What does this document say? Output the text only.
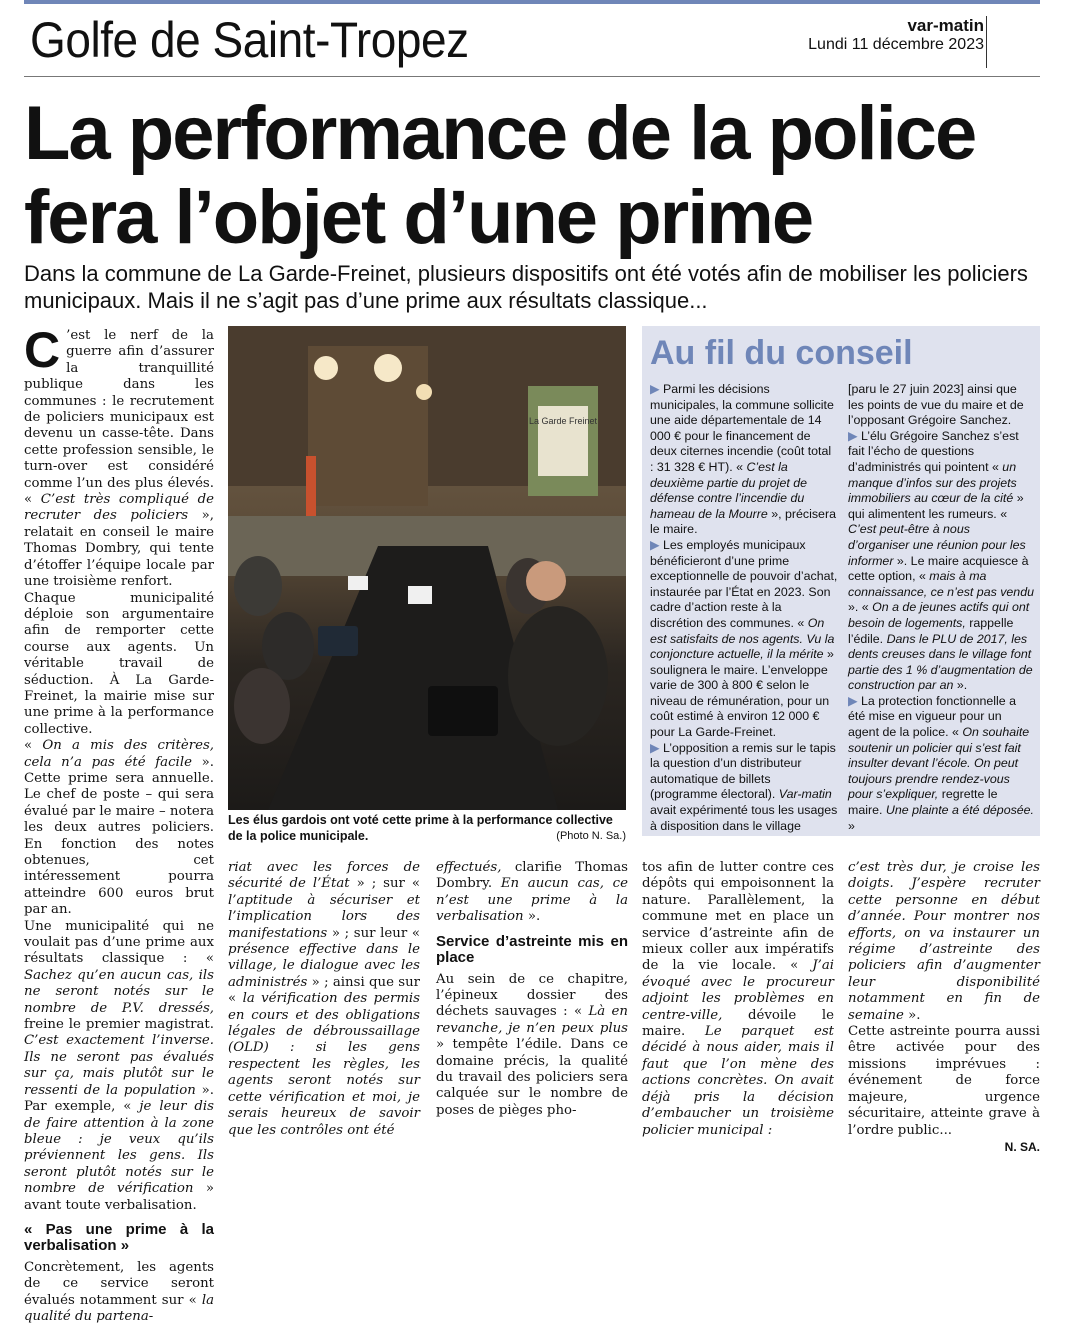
Golfe de Saint-Tropez	var-matin
Lundi 11 décembre 2023
La performance de la police
fera l’objet d’une prime
Dans la commune de La Garde-Freinet, plusieurs dispositifs ont été votés afin de mobiliser les policiers municipaux. Mais il ne s’agit pas d’une prime aux résultats classique...

C ’est le nerf de la guerre afin d’assurer la tranquillité publique dans les communes : le recrutement de policiers municipaux est devenu un casse-tête. Dans cette profession sensible, le turn-over est considéré comme l’un des plus élevés. « C’est très compliqué de recruter des policiers », relatait en conseil le maire Thomas Dombry, qui tente d’étoffer l’équipe locale par une troisième renfort.

Chaque municipalité déploie son argumentaire afin de remporter cette course aux agents. Un véritable travail de séduction. À La Garde-Freinet, la mairie mise sur une prime à la performance collective.

« On a mis des critères, cela n’a pas été facile ». Cette prime sera annuelle. Le chef de poste – qui sera évalué par le maire – notera les deux autres policiers. En fonction des notes obtenues, cet intéressement pourra atteindre 600 euros brut par an.

Une municipalité qui ne voulait pas d’une prime aux résultats classique : « Sachez qu’en aucun cas, ils ne seront notés sur le nombre de P.V. dressés, freine le premier magistrat. C’est exactement l’inverse. Ils ne seront pas évalués sur ça, mais plutôt sur le ressenti de la population ». Par exemple, « je leur dis de faire attention à la zone bleue : je veux qu’ils préviennent les gens. Ils seront plutôt notés sur le nombre de vérification » avant toute verbalisation.

« Pas une prime à la verbalisation »

Concrètement, les agents de ce service seront évalués notamment sur « la qualité du partena-

La Garde Freinet
Les élus gardois ont voté cette prime à la performance collective de la police municipale.	(Photo N. Sa.)
Au fil du conseil

▶ Parmi les décisions municipales, la commune sollicite une aide départementale de 14 000 € pour le financement de deux citernes incendie (coût total : 31 328 € HT). « C’est la deuxième partie du projet de défense contre l’incendie du hameau de la Mourre », précisera le maire.

▶ Les employés municipaux bénéficieront d’une prime exceptionnelle de pouvoir d’achat, instaurée par l’État en 2023. Son cadre d’action reste à la discrétion des communes. « On est satisfaits de nos agents. Vu la conjoncture actuelle, il la mérite » soulignera le maire. L’enveloppe varie de 300 à 800 € selon le niveau de rémunération, pour un coût estimé à environ 12 000 € pour La Garde-Freinet.

▶ L’opposition a remis sur le tapis la question d’un distributeur automatique de billets (programme électoral). Var-matin avait expérimenté tous les usages à disposition dans le village

[paru le 27 juin 2023] ainsi que les points de vue du maire et de l’opposant Grégoire Sanchez.

▶ L’élu Grégoire Sanchez s’est fait l’écho de questions d’administrés qui pointent « un manque d’infos sur des projets immobiliers au cœur de la cité » qui alimentent les rumeurs. « C’est peut-être à nous d’organiser une réunion pour les informer ». Le maire acquiesce à cette option, « mais à ma connaissance, ce n’est pas vendu ». « On a de jeunes actifs qui ont besoin de logements, rappelle l’édile. Dans le PLU de 2017, les dents creuses dans le village font partie des 1 % d’augmentation de construction par an ».

▶ La protection fonctionnelle a été mise en vigueur pour un agent de la police. « On souhaite soutenir un policier qui s’est fait insulter devant l’école. On peut toujours prendre rendez-vous pour s’expliquer, regrette le maire. Une plainte a été déposée. »

riat avec les forces de sécurité de l’État » ; sur « l’aptitude à sécuriser et l’implication lors des manifestations » ; sur leur « présence effective dans le village, le dialogue avec les administrés » ; ainsi que sur « la vérification des permis en cours et des obligations légales de débroussaillage (OLD) : si les gens respectent les règles, les agents seront notés sur cette vérification et moi, je serais heureux de savoir que les contrôles ont été

effectués, clarifie Thomas Dombry. En aucun cas, ce n’est une prime à la verbalisation ».

Service d’astreinte mis en place

Au sein de ce chapitre, l’épineux dossier des déchets sauvages : « Là en revanche, je n’en peux plus » tempête l’édile. Dans ce domaine précis, la qualité du travail des policiers sera calquée sur le nombre de poses de pièges pho-

tos afin de lutter contre ces dépôts qui empoisonnent la nature. Parallèlement, la commune met en place un service d’astreinte afin de mieux coller aux impératifs de la vie locale. « J’ai évoqué avec le procureur adjoint les problèmes en centre-ville, dévoile le maire. Le parquet est décidé à nous aider, mais il faut que l’on mène des actions concrètes. On avait déjà pris la décision d’embaucher un troisième policier municipal :

c’est très dur, je croise les doigts. J’espère recruter cette personne en début d’année. Pour montrer nos efforts, on va instaurer un régime d’astreinte des policiers afin d’augmenter leur disponibilité notamment en fin de semaine ».

Cette astreinte pourra aussi être activée pour des missions imprévues : événement de force majeure, urgence sécuritaire, atteinte grave à l’ordre public...

N. SA.
